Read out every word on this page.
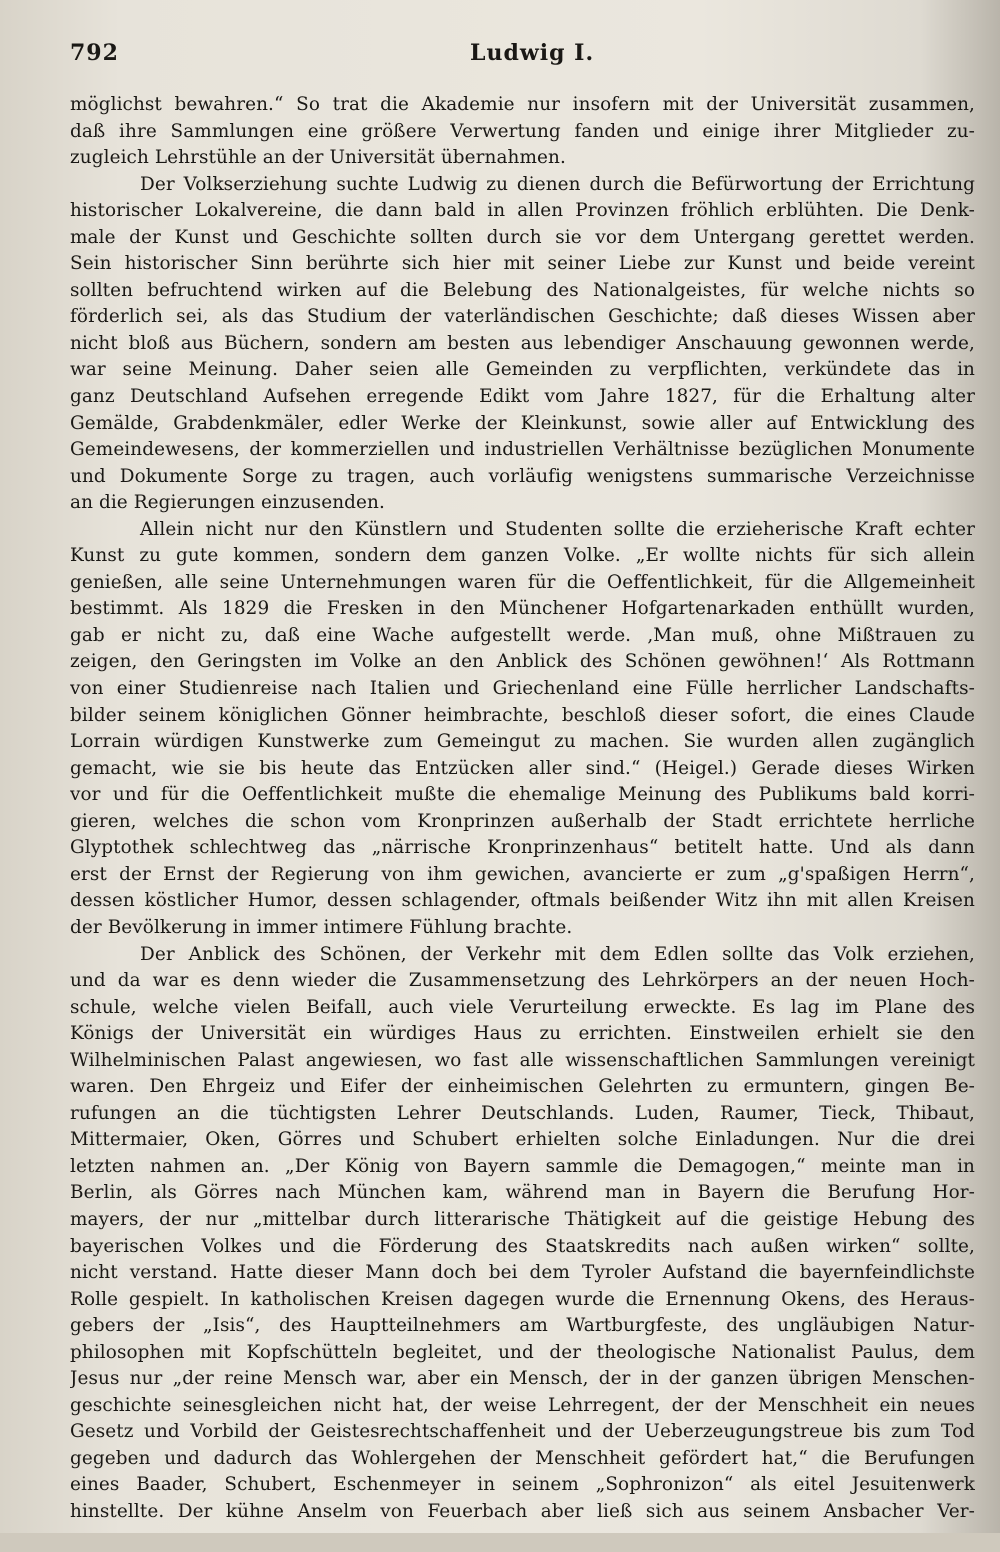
792	Ludwig I.
möglichst bewahren.“ So trat die Akademie nur insofern mit der Universität zusammen,
daß ihre Sammlungen eine größere Verwertung fanden und einige ihrer Mitglieder zu-
zugleich Lehrstühle an der Universität übernahmen.
Der Volkserziehung suchte Ludwig zu dienen durch die Befürwortung der Errichtung
historischer Lokalvereine, die dann bald in allen Provinzen fröhlich erblühten. Die Denk-
male der Kunst und Geschichte sollten durch sie vor dem Untergang gerettet werden.
Sein historischer Sinn berührte sich hier mit seiner Liebe zur Kunst und beide vereint
sollten befruchtend wirken auf die Belebung des Nationalgeistes, für welche nichts so
förderlich sei, als das Studium der vaterländischen Geschichte; daß dieses Wissen aber
nicht bloß aus Büchern, sondern am besten aus lebendiger Anschauung gewonnen werde,
war seine Meinung. Daher seien alle Gemeinden zu verpflichten, verkündete das in
ganz Deutschland Aufsehen erregende Edikt vom Jahre 1827, für die Erhaltung alter
Gemälde, Grabdenkmäler, edler Werke der Kleinkunst, sowie aller auf Entwicklung des
Gemeindewesens, der kommerziellen und industriellen Verhältnisse bezüglichen Monumente
und Dokumente Sorge zu tragen, auch vorläufig wenigstens summarische Verzeichnisse
an die Regierungen einzusenden.
Allein nicht nur den Künstlern und Studenten sollte die erzieherische Kraft echter
Kunst zu gute kommen, sondern dem ganzen Volke. „Er wollte nichts für sich allein
genießen, alle seine Unternehmungen waren für die Oeffentlichkeit, für die Allgemeinheit
bestimmt. Als 1829 die Fresken in den Münchener Hofgartenarkaden enthüllt wurden,
gab er nicht zu, daß eine Wache aufgestellt werde. ‚Man muß, ohne Mißtrauen zu
zeigen, den Geringsten im Volke an den Anblick des Schönen gewöhnen!‘ Als Rottmann
von einer Studienreise nach Italien und Griechenland eine Fülle herrlicher Landschafts-
bilder seinem königlichen Gönner heimbrachte, beschloß dieser sofort, die eines Claude
Lorrain würdigen Kunstwerke zum Gemeingut zu machen. Sie wurden allen zugänglich
gemacht, wie sie bis heute das Entzücken aller sind.“ (Heigel.) Gerade dieses Wirken
vor und für die Oeffentlichkeit mußte die ehemalige Meinung des Publikums bald korri-
gieren, welches die schon vom Kronprinzen außerhalb der Stadt errichtete herrliche
Glyptothek schlechtweg das „närrische Kronprinzenhaus“ betitelt hatte. Und als dann
erst der Ernst der Regierung von ihm gewichen, avancierte er zum „g'spaßigen Herrn“,
dessen köstlicher Humor, dessen schlagender, oftmals beißender Witz ihn mit allen Kreisen
der Bevölkerung in immer intimere Fühlung brachte.
Der Anblick des Schönen, der Verkehr mit dem Edlen sollte das Volk erziehen,
und da war es denn wieder die Zusammensetzung des Lehrkörpers an der neuen Hoch-
schule, welche vielen Beifall, auch viele Verurteilung erweckte. Es lag im Plane des
Königs der Universität ein würdiges Haus zu errichten. Einstweilen erhielt sie den
Wilhelminischen Palast angewiesen, wo fast alle wissenschaftlichen Sammlungen vereinigt
waren. Den Ehrgeiz und Eifer der einheimischen Gelehrten zu ermuntern, gingen Be-
rufungen an die tüchtigsten Lehrer Deutschlands. Luden, Raumer, Tieck, Thibaut,
Mittermaier, Oken, Görres und Schubert erhielten solche Einladungen. Nur die drei
letzten nahmen an. „Der König von Bayern sammle die Demagogen,“ meinte man in
Berlin, als Görres nach München kam, während man in Bayern die Berufung Hor-
mayers, der nur „mittelbar durch litterarische Thätigkeit auf die geistige Hebung des
bayerischen Volkes und die Förderung des Staatskredits nach außen wirken“ sollte,
nicht verstand. Hatte dieser Mann doch bei dem Tyroler Aufstand die bayernfeindlichste
Rolle gespielt. In katholischen Kreisen dagegen wurde die Ernennung Okens, des Heraus-
gebers der „Isis“, des Hauptteilnehmers am Wartburgfeste, des ungläubigen Natur-
philosophen mit Kopfschütteln begleitet, und der theologische Nationalist Paulus, dem
Jesus nur „der reine Mensch war, aber ein Mensch, der in der ganzen übrigen Menschen-
geschichte seinesgleichen nicht hat, der weise Lehrregent, der der Menschheit ein neues
Gesetz und Vorbild der Geistesrechtschaffenheit und der Ueberzeugungstreue bis zum Tod
gegeben und dadurch das Wohlergehen der Menschheit gefördert hat,“ die Berufungen
eines Baader, Schubert, Eschenmeyer in seinem „Sophronizon“ als eitel Jesuitenwerk
hinstellte. Der kühne Anselm von Feuerbach aber ließ sich aus seinem Ansbacher Ver-
